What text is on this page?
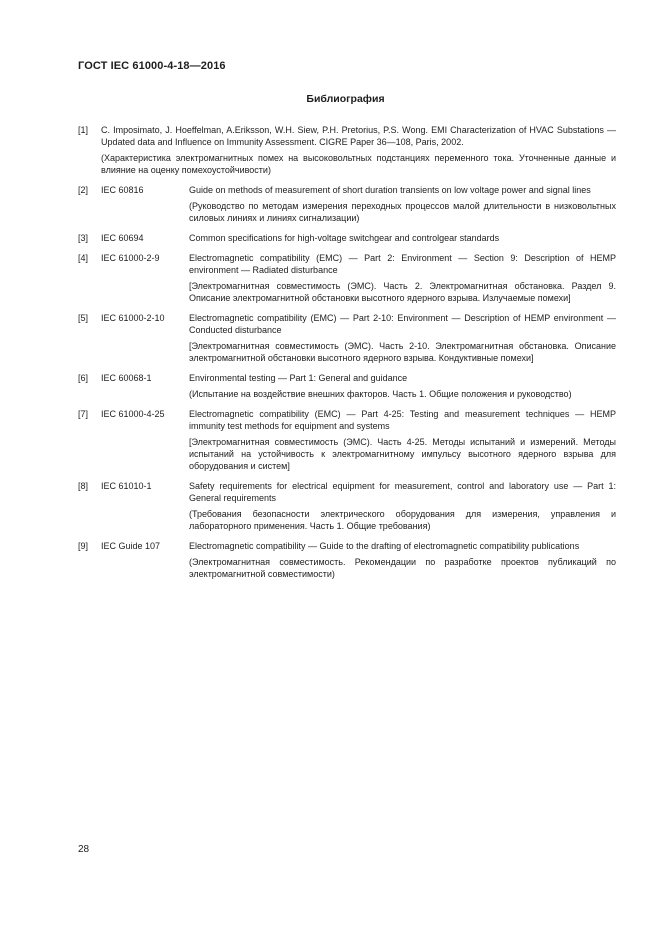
ГОСТ IEC 61000-4-18—2016
Библиография
[1]	C. Imposimato, J. Hoeffelman, A.Eriksson, W.H. Siew, P.H. Pretorius, P.S. Wong. EMI Characterization of HVAC Substations — Updated data and Influence on Immunity Assessment. CIGRE Paper 36—108, Paris, 2002.

(Характеристика электромагнитных помех на высоковольтных подстанциях переменного тока. Уточненные данные и влияние на оценку помехоустойчивости)

[2]	IEC 60816	Guide on methods of measurement of short duration transients on low voltage power and signal lines

(Руководство по методам измерения переходных процессов малой длительности в низковольтных силовых линиях и линиях сигнализации)

[3]	IEC 60694	Common specifications for high-voltage switchgear and controlgear standards

[4]	IEC 61000-2-9	Electromagnetic compatibility (EMC) — Part 2: Environment — Section 9: Description of HEMP environment — Radiated disturbance

[Электромагнитная совместимость (ЭМС). Часть 2. Электромагнитная обстановка. Раздел 9. Описание электромагнитной обстановки высотного ядерного взрыва. Излучаемые помехи]

[5]	IEC 61000-2-10	Electromagnetic compatibility (EMC) — Part 2-10: Environment — Description of HEMP environment — Conducted disturbance

[Электромагнитная совместимость (ЭМС). Часть 2-10. Электромагнитная обстановка. Описание электромагнитной обстановки высотного ядерного взрыва. Кондуктивные помехи]

[6]	IEC 60068-1	Environmental testing — Part 1: General and guidance

(Испытание на воздействие внешних факторов. Часть 1. Общие положения и руководство)

[7]	IEC 61000-4-25	Electromagnetic compatibility (EMC) — Part 4-25: Testing and measurement techniques — HEMP immunity test methods for equipment and systems

[Электромагнитная совместимость (ЭМС). Часть 4-25. Методы испытаний и измерений. Методы испытаний на устойчивость к электромагнитному импульсу высотного ядерного взрыва для оборудования и систем]

[8]	IEC 61010-1	Safety requirements for electrical equipment for measurement, control and laboratory use — Part 1: General requirements

(Требования безопасности электрического оборудования для измерения, управления и лабораторного применения. Часть 1. Общие требования)

[9]	IEC Guide 107	Electromagnetic compatibility — Guide to the drafting of electromagnetic compatibility publications

(Электромагнитная совместимость. Рекомендации по разработке проектов публикаций по электромагнитной совместимости)

28
